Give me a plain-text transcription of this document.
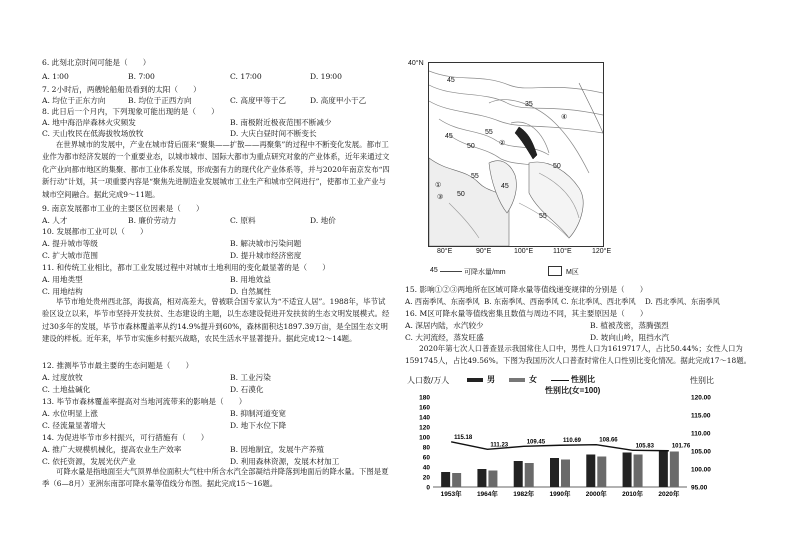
6. 此刻北京时间可能是（　　）
A. 1∶00	B. 7∶00	C. 17∶00	D. 19∶00
7. 2小时后，两艘轮船船员看到的太阳（　　）
A. 均位于正东方向	B. 均位于正西方向	C. 高度甲等于乙	D. 高度甲小于乙
8. 此日后一个月内，下列现象可能出现的是（　　）
A. 地中海沿岸森林火灾频发	B. 南极附近极夜范围不断减少
C. 天山牧民在低海拔牧场放牧	D. 大庆白昼时间不断变长
在世界城市的发展中，产业在城市背后面来“聚集——扩散——再聚集”的过程中不断变化发展。都市工业作为都市经济发展的一个重要业态，以城市城市、国际大都市为重点研究对象的产业体系，近年来通过文化产业向都市地区的集聚、都市工业体系发展，形成强有力的现代化产业体系等，并与2020年南京发布“四新行动”计划，其一项重要内容是“聚焦先进制造业发展城市工业生产和城市空间进行”，使都市工业产业与城市空间融合。据此完成9～11题。
9. 南京发展都市工业的主要区位因素是（　　）
A. 人才	B. 廉价劳动力	C. 原料	D. 地价
10. 发展都市工业可以（　　）
A. 提升城市等级	B. 解决城市污染问题
C. 扩大城市范围	D. 提升城市经济密度
11. 和传统工业相比，都市工业发展过程中对城市土地利用的变化最显著的是（　　）
A. 用地类型	B. 用地效益
C. 用地结构	D. 自然属性
毕节市地处贵州西北部，海拔高，相对高差大，曾被联合国专家认为“不适宜人居”。1988年，毕节试验区设立以来，毕节市坚持开发扶贫、生态建设的主题，以生态建设促进开发扶贫的生态文明发展模式。经过30多年的发展，毕节市森林覆盖率从约14.9%提升到60%，森林面积达1897.39万亩，是全国生态文明建设的样板。近年来，毕节市实施乡村振兴战略，农民生活水平显著提升。据此完成12～14题。
12. 推测毕节市最主要的生态问题是（　　）
A. 过度放牧	B. 工业污染
C. 土地盐碱化	D. 石漠化
13. 毕节市森林覆盖率提高对当地河流带来的影响是（　　）
A. 水位明显上涨	B. 抑制河道变宽
C. 径流量显著增大	D. 地下水位下降
14. 为促进毕节市乡村振兴，可行措施有（　　）
A. 推广大规模机械化，提高农业生产效率	B. 因地制宜，发展牛产养殖
C. 依托资源，发展光伏产业	D. 利用森林资源，发展木材加工
可降水量是指地面至大气顶界单位面积大气柱中所含水汽全部凝结并降落到地面后的降水量。下图是夏季（6—8月）亚洲东南部可降水量等值线分布图。据此完成15～16题。
40°N
45
55
50
55
45
50
35
45
50
55
①
②
③
④
80°E	90°E	100°E	110°E	120°E
45	可降水量/mm	M区
15. 影响①②③两地所在区域可降水量等值线递变规律的分别是（　　）
A. 西南季风、东南季风 B. 东南季风、西南季风 C. 东北季风、西北季风 D. 西北季风、东南季风
16. M区可降水量等值线密集且数值与周边不同，其主要原因是（　　）
A. 深居内陆，水汽较少	B. 植被茂密，蒸腾强烈
C. 大河流经，蒸发旺盛	D. 坡向山岭，阻挡水汽
2020年第七次人口普查显示我国常住人口中，男性人口为1619717人，占比50.44%；女性人口为1591745人，占比49.56%。下图为我国历次人口普查时常住人口性别比变化情况。据此完成17～18题。
人口数/万人	男	女	性别比
性别比(女=100)
性别比
180
160
140
120
100
80
60
40
20
0
120.00
115.00
110.00
105.00
100.00
95.00
1953年 1964年 1982年 1990年 2000年 2010年 2020年
115.18
111.23
109.45	110.69	108.66
105.83	101.76
